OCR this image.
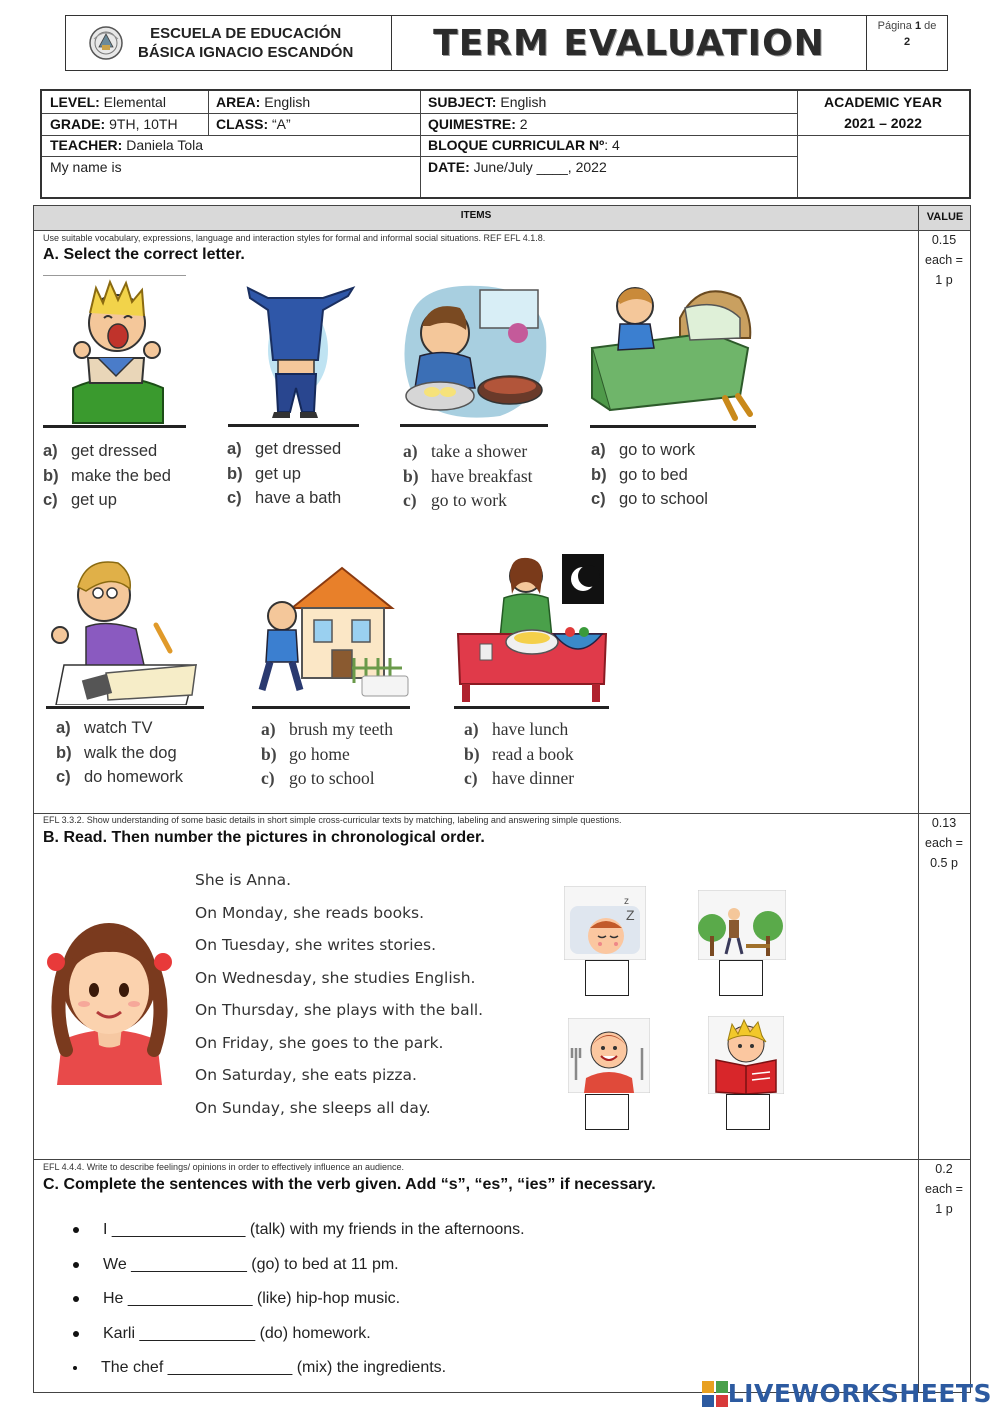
ESCUELA DE EDUCACIÓN
BÁSICA IGNACIO ESCANDÓN	TERM EVALUATION	Página 1 de
2
LEVEL: Elemental	AREA: English	SUBJECT: English	ACADEMIC YEAR
2021 – 2022
GRADE: 9TH, 10TH	CLASS: “A”	QUIMESTRE: 2
TEACHER: Daniela Tola	BLOQUE CURRICULAR Nº: 4
My name is	DATE: June/July ____, 2022
ITEMS	VALUE
Use suitable vocabulary, expressions, language and interaction styles for formal and informal social situations. REF EFL 4.1.8.
A. Select the correct letter.
0.15
each =
1 p
a) get dressed
b) make the bed
c) get up
a) get dressed
b) get up
c) have a bath
a) take a shower
b) have breakfast
c) go to work
a) go to work
b) go to bed
c) go to school
a) watch TV
b) walk the dog
c) do homework
a) brush my teeth
b) go home
c) go to school
a) have lunch
b) read a book
c) have dinner
EFL 3.3.2. Show understanding of some basic details in short simple cross-curricular texts by matching, labeling and answering simple questions.
B. Read. Then number the pictures in chronological order.
0.13
each =
0.5 p
She is Anna.
On Monday, she reads books.
On Tuesday, she writes stories.
On Wednesday, she studies English.
On Thursday, she plays with the ball.
On Friday, she goes to the park.
On Saturday, she eats pizza.
On Sunday, she sleeps all day.
z
Z
EFL 4.4.4. Write to describe feelings/ opinions in order to effectively influence an audience.
C. Complete the sentences with the verb given. Add “s”, “es”, “ies” if necessary.
0.2
each =
1 p
I _______________ (talk) with my friends in the afternoons.
We _____________ (go) to bed at 11 pm.
He ______________ (like) hip-hop music.
Karli _____________ (do) homework.
The chef ______________ (mix) the ingredients.
LIVEWORKSHEETS
